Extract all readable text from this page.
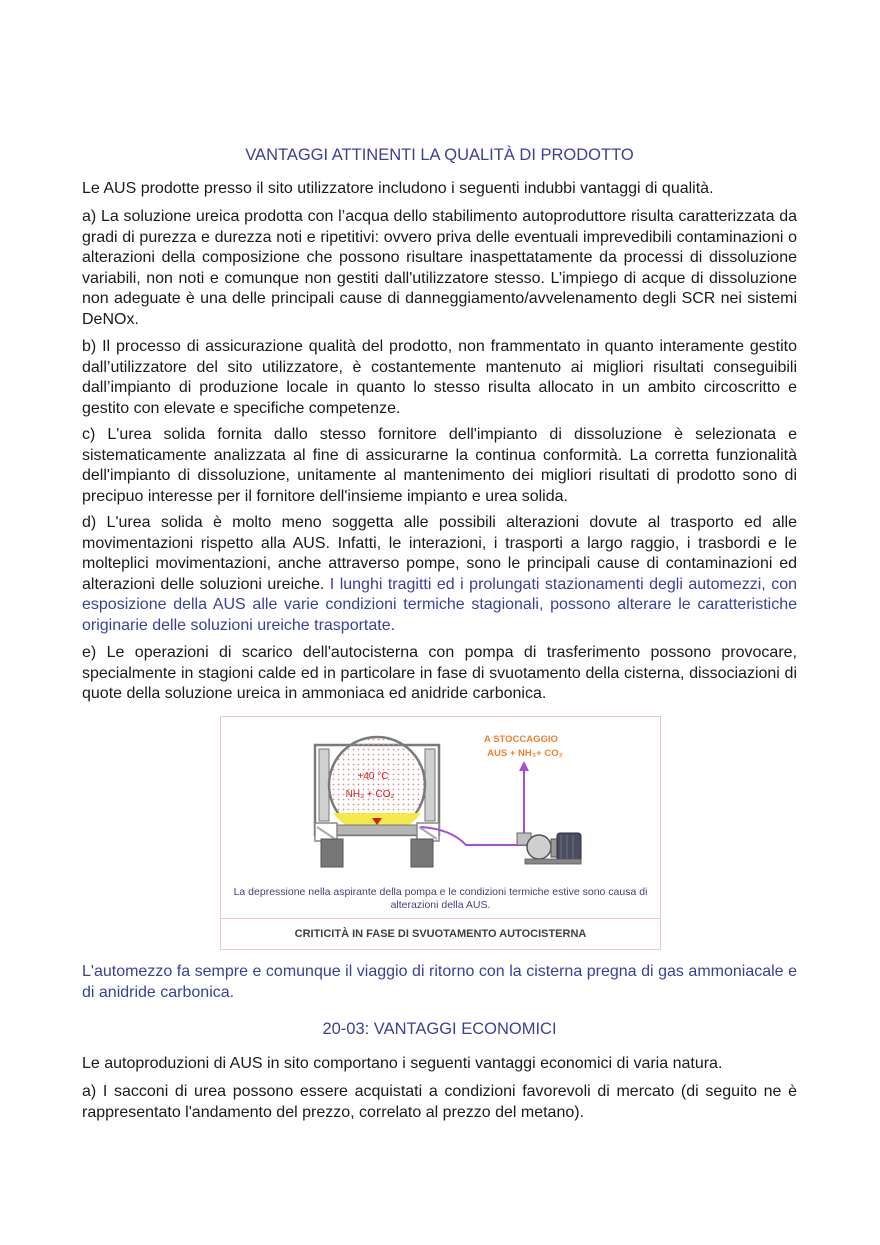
VANTAGGI ATTINENTI LA QUALITÀ DI PRODOTTO

Le AUS prodotte presso il sito utilizzatore includono i seguenti indubbi vantaggi di qualità.

a) La soluzione ureica prodotta con l’acqua dello stabilimento autoproduttore risulta caratterizzata da gradi di purezza e durezza noti e ripetitivi: ovvero priva delle eventuali imprevedibili contaminazioni o alterazioni della composizione che possono risultare inaspettatamente da processi di dissoluzione variabili, non noti e comunque non gestiti dall'utilizzatore stesso. L’impiego di acque di dissoluzione non adeguate è una delle principali cause di danneggiamento/avvelenamento degli SCR nei sistemi DeNOx.

b) Il processo di assicurazione qualità del prodotto, non frammentato in quanto interamente gestito dall’utilizzatore del sito utilizzatore, è costantemente mantenuto ai migliori risultati conseguibili dall’impianto di produzione locale in quanto lo stesso risulta allocato in un ambito circoscritto e gestito con elevate e specifiche competenze.

c) L'urea solida fornita dallo stesso fornitore dell'impianto di dissoluzione è selezionata e sistematicamente analizzata al fine di assicurarne la continua conformità. La corretta funzionalità dell'impianto di dissoluzione, unitamente al mantenimento dei migliori risultati di prodotto sono di precipuo interesse per il fornitore dell'insieme impianto e urea solida.

d) L'urea solida è molto meno soggetta alle possibili alterazioni dovute al trasporto ed alle movimentazioni rispetto alla AUS. Infatti, le interazioni, i trasporti a largo raggio, i trasbordi e le molteplici movimentazioni, anche attraverso pompe, sono le principali cause di contaminazioni ed alterazioni delle soluzioni ureiche. I lunghi tragitti ed i prolungati stazionamenti degli automezzi, con esposizione della AUS alle varie condizioni termiche stagionali, possono alterare le caratteristiche originarie delle soluzioni ureiche trasportate.

e) Le operazioni di scarico dell'autocisterna con pompa di trasferimento possono provocare, specialmente in stagioni calde ed in particolare in fase di svuotamento della cisterna, dissociazioni di quote della soluzione ureica in ammoniaca ed anidride carbonica.

+40 °C
NH₃ + CO₂
A STOCCAGGIO
AUS + NH₃+ CO₂
La depressione nella aspirante della pompa e le condizioni termiche estive sono causa di alterazioni della AUS.
CRITICITÀ IN FASE DI SVUOTAMENTO AUTOCISTERNA

L'automezzo fa sempre e comunque il viaggio di ritorno con la cisterna pregna di gas ammoniacale e di anidride carbonica.

20-03: VANTAGGI ECONOMICI

Le autoproduzioni di AUS in sito comportano i seguenti vantaggi economici di varia natura.

a) I sacconi di urea possono essere acquistati a condizioni favorevoli di mercato (di seguito ne è rappresentato l'andamento del prezzo, correlato al prezzo del metano).
